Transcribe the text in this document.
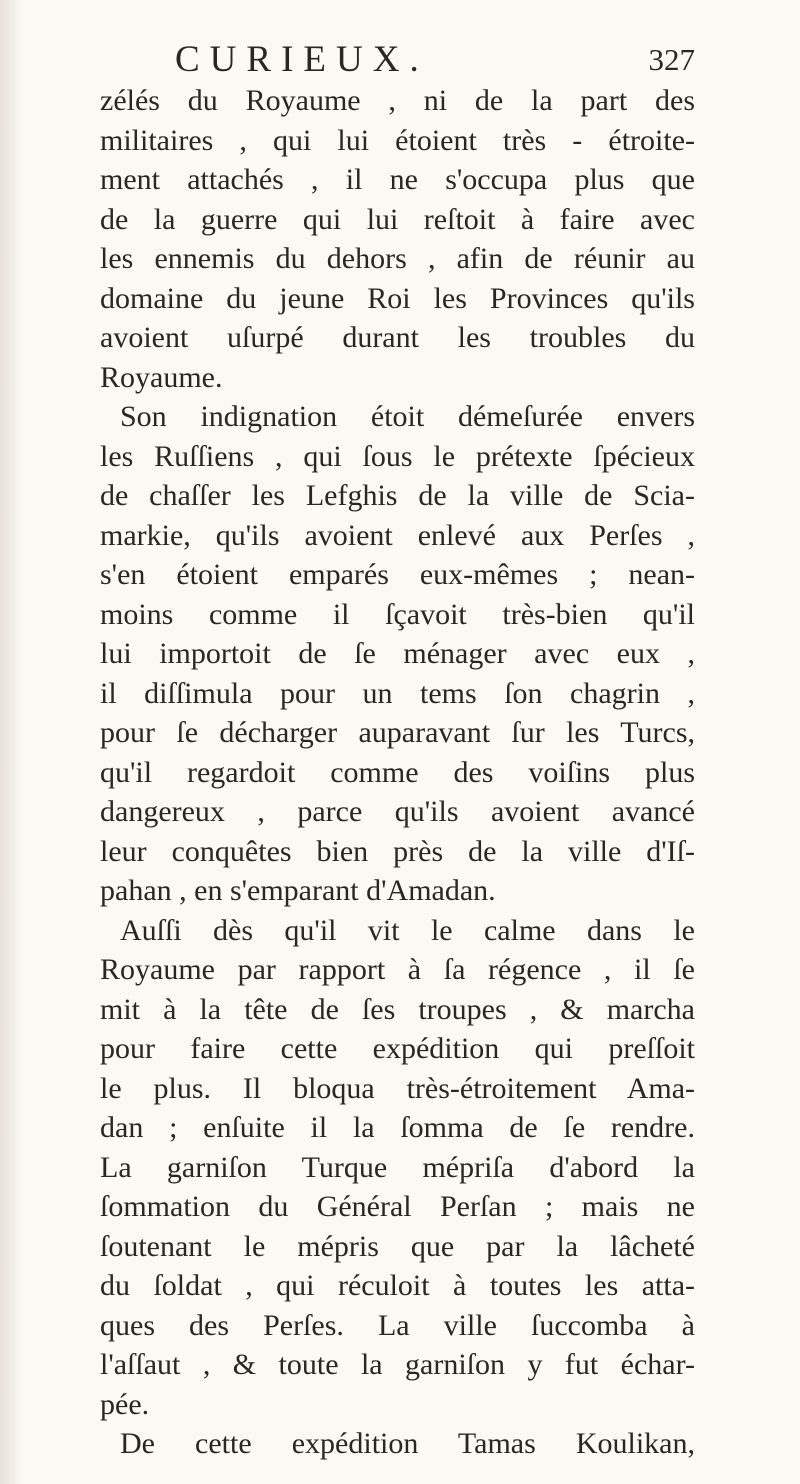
CURIEUX.	327
zélés du Royaume , ni de la part des
militaires , qui lui étoient très - étroite-
ment attachés , il ne s'occupa plus que
de la guerre qui lui reſtoit à faire avec
les ennemis du dehors , afin de réunir au
domaine du jeune Roi les Provinces qu'ils
avoient uſurpé durant les troubles du
Royaume.
Son indignation étoit démeſurée envers
les Ruſſiens , qui ſous le prétexte ſpécieux
de chaſſer les Lefghis de la ville de Scia-
markie, qu'ils avoient enlevé aux Perſes ,
s'en étoient emparés eux-mêmes ; nean-
moins comme il ſçavoit très-bien qu'il
lui importoit de ſe ménager avec eux ,
il diſſimula pour un tems ſon chagrin ,
pour ſe décharger auparavant ſur les Turcs,
qu'il regardoit comme des voiſins plus
dangereux , parce qu'ils avoient avancé
leur conquêtes bien près de la ville d'Iſ-
pahan , en s'emparant d'Amadan.
Auſſi dès qu'il vit le calme dans le
Royaume par rapport à ſa régence , il ſe
mit à la tête de ſes troupes , & marcha
pour faire cette expédition qui preſſoit
le plus. Il bloqua très-étroitement Ama-
dan ; enſuite il la ſomma de ſe rendre.
La garniſon Turque mépriſa d'abord la
ſommation du Général Perſan ; mais ne
ſoutenant le mépris que par la lâcheté
du ſoldat , qui réculoit à toutes les atta-
ques des Perſes. La ville ſuccomba à
l'aſſaut , & toute la garniſon y fut échar-
pée.
De cette expédition Tamas Koulikan,
